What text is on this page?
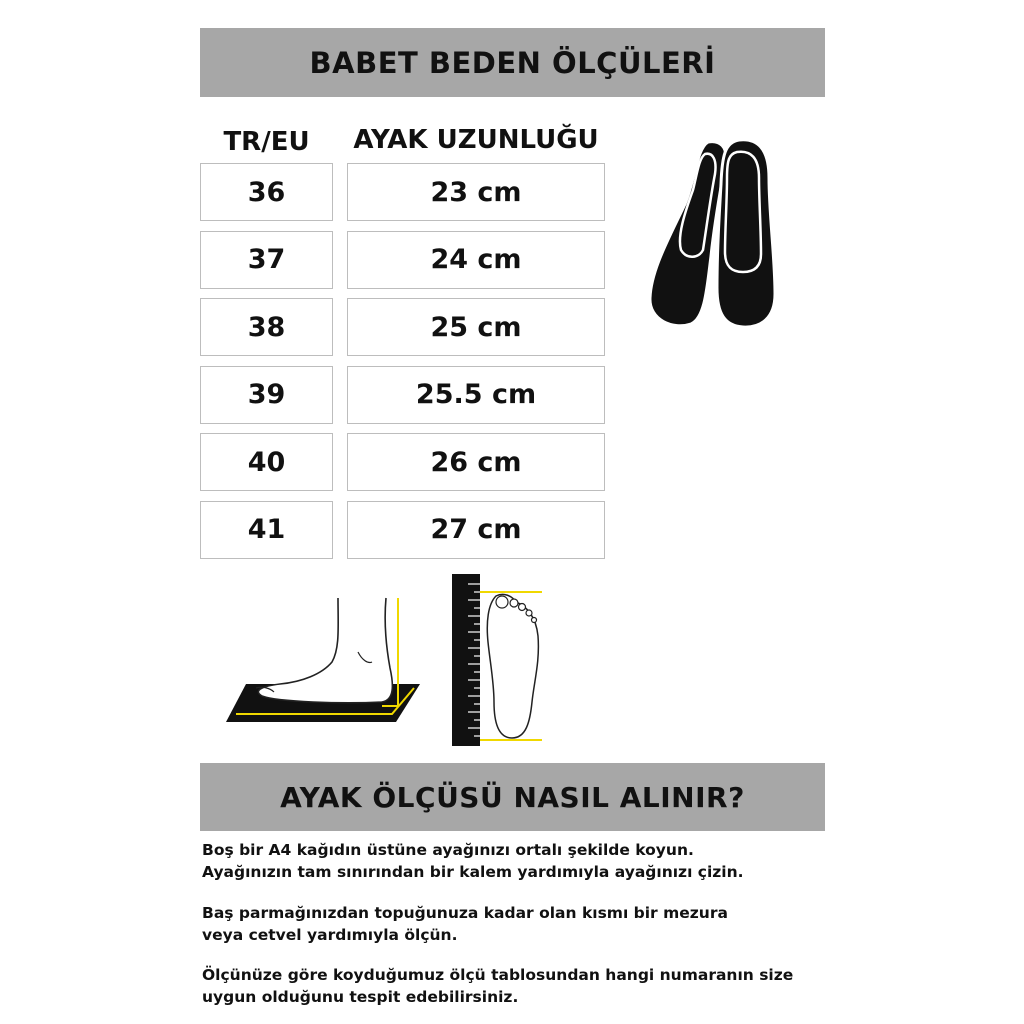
BABET BEDEN ÖLÇÜLERİ
TR/EU	AYAK UZUNLUĞU
36	23 cm
37	24 cm
38	25 cm
39	25.5 cm
40	26 cm
41	27 cm
AYAK ÖLÇÜSÜ NASIL ALINIR?
Boş bir A4 kağıdın üstüne ayağınızı ortalı şekilde koyun.
Ayağınızın tam sınırından bir kalem yardımıyla ayağınızı çizin.
Baş parmağınızdan topuğunuza kadar olan kısmı bir mezura
veya cetvel yardımıyla ölçün.
Ölçünüze göre koyduğumuz ölçü tablosundan hangi numaranın size
uygun olduğunu tespit edebilirsiniz.
